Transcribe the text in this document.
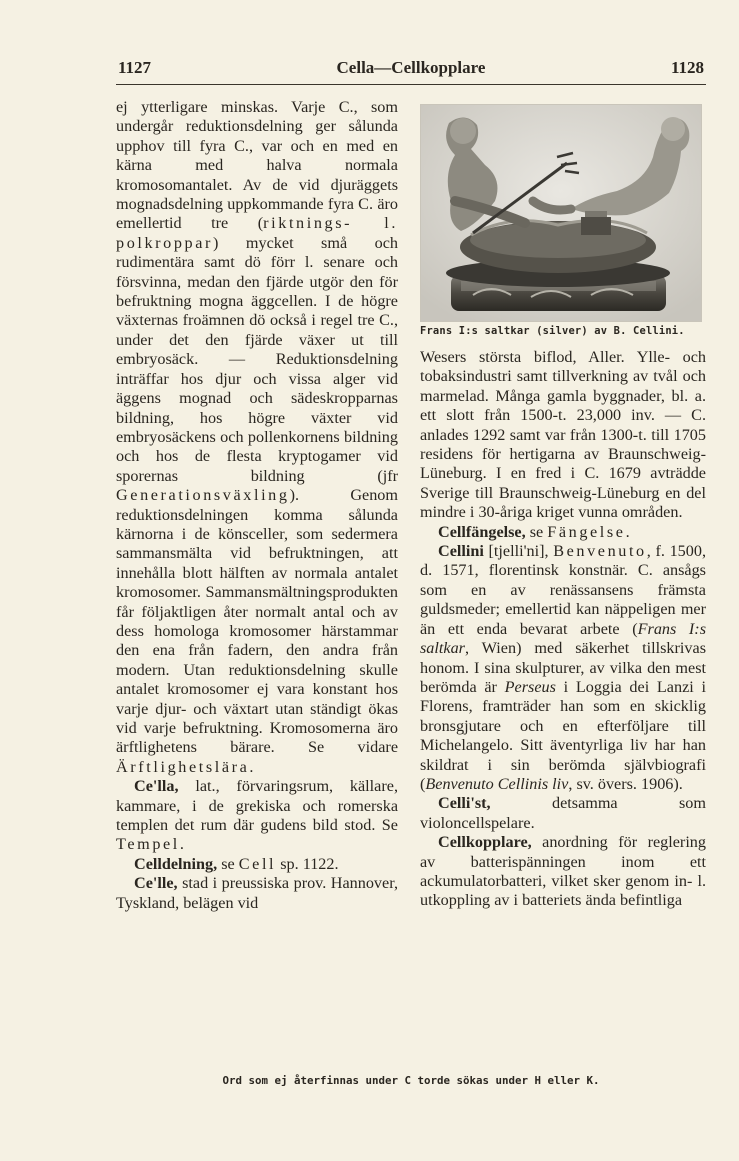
1127	Cella—Cellkopplare	1128

ej ytterligare minskas. Varje C., som undergår reduktionsdelning ger sålunda upphov till fyra C., var och en med en kärna med halva normala kromosomantalet. Av de vid djuräggets mognadsdelning uppkommande fyra C. äro emellertid tre (riktnings- l. polkroppar) mycket små och rudimentära samt dö förr l. senare och försvinna, medan den fjärde utgör den för befruktning mogna äggcellen. I de högre växternas froämnen dö också i regel tre C., under det den fjärde växer ut till embryosäck. — Reduktionsdelning inträffar hos djur och vissa alger vid äggens mognad och sädeskropparnas bildning, hos högre växter vid embryosäckens och pollenkornens bildning och hos de flesta kryptogamer vid sporernas bildning (jfr Generationsväxling). Genom reduktionsdelningen komma sålunda kärnorna i de könsceller, som sedermera sammansmälta vid befruktningen, att innehålla blott hälften av normala antalet kromosomer. Sammansmältningsprodukten får följaktligen åter normalt antal och av dess homologa kromosomer härstammar den ena från fadern, den andra från modern. Utan reduktionsdelning skulle antalet kromosomer ej vara konstant hos varje djur- och växtart utan ständigt ökas vid varje befruktning. Kromosomerna äro ärftlighetens bärare. Se vidare Ärftlighetslära.

Ce'lla, lat., förvaringsrum, källare, kammare, i de grekiska och romerska templen det rum där gudens bild stod. Se Tempel.

Celldelning, se Cell sp. 1122.

Ce'lle, stad i preussiska prov. Hannover, Tyskland, belägen vid

Frans I:s saltkar (silver) av B. Cellini.

Wesers största biflod, Aller. Ylle- och tobaksindustri samt tillverkning av tvål och marmelad. Många gamla byggnader, bl. a. ett slott från 1500-t. 23,000 inv. — C. anlades 1292 samt var från 1300-t. till 1705 residens för hertigarna av Braunschweig-Lüneburg. I en fred i C. 1679 avträdde Sverige till Braunschweig-Lüneburg en del mindre i 30-åriga kriget vunna områden.

Cellfängelse, se Fängelse.

Cellini [tjelli'ni], Benvenuto, f. 1500, d. 1571, florentinsk konstnär. C. ansågs som en av renässansens främsta guldsmeder; emellertid kan näppeligen mer än ett enda bevarat arbete (Frans I:s saltkar, Wien) med säkerhet tillskrivas honom. I sina skulpturer, av vilka den mest berömda är Perseus i Loggia dei Lanzi i Florens, framträder han som en skicklig bronsgjutare och en efterföljare till Michelangelo. Sitt äventyrliga liv har han skildrat i sin berömda självbiografi (Benvenuto Cellinis liv, sv. övers. 1906).

Celli'st, detsamma som violoncellspelare.

Cellkopplare, anordning för reglering av batterispänningen inom ett ackumulatorbatteri, vilket sker genom in- l. utkoppling av i batteriets ända befintliga

Ord som ej återfinnas under C torde sökas under H eller K.
